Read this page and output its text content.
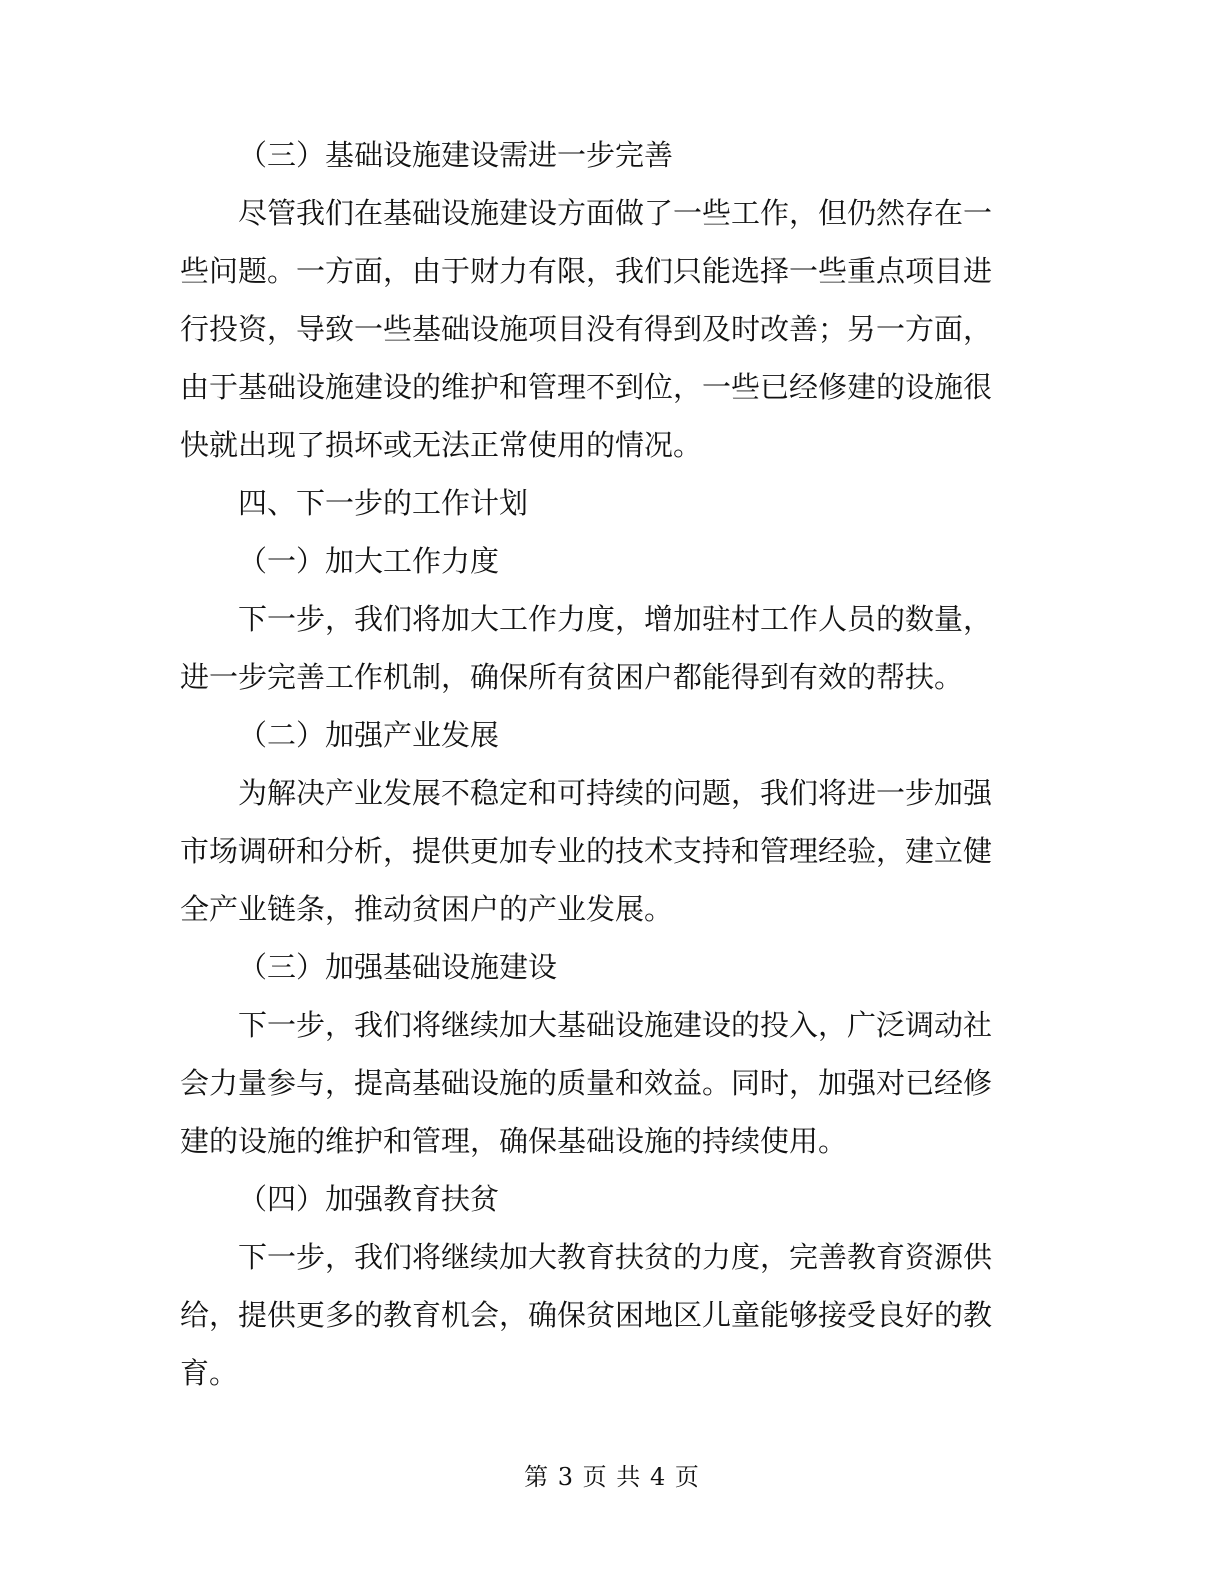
（三）基础设施建设需进一步完善

尽管我们在基础设施建设方面做了一些工作，但仍然存在一

些问题。一方面，由于财力有限，我们只能选择一些重点项目进

行投资，导致一些基础设施项目没有得到及时改善；另一方面，

由于基础设施建设的维护和管理不到位，一些已经修建的设施很

快就出现了损坏或无法正常使用的情况。

四、下一步的工作计划

（一）加大工作力度

下一步，我们将加大工作力度，增加驻村工作人员的数量，

进一步完善工作机制，确保所有贫困户都能得到有效的帮扶。

（二）加强产业发展

为解决产业发展不稳定和可持续的问题，我们将进一步加强

市场调研和分析，提供更加专业的技术支持和管理经验，建立健

全产业链条，推动贫困户的产业发展。

（三）加强基础设施建设

下一步，我们将继续加大基础设施建设的投入，广泛调动社

会力量参与，提高基础设施的质量和效益。同时，加强对已经修

建的设施的维护和管理，确保基础设施的持续使用。

（四）加强教育扶贫

下一步，我们将继续加大教育扶贫的力度，完善教育资源供

给，提供更多的教育机会，确保贫困地区儿童能够接受良好的教

育。

第 3 页 共 4 页
